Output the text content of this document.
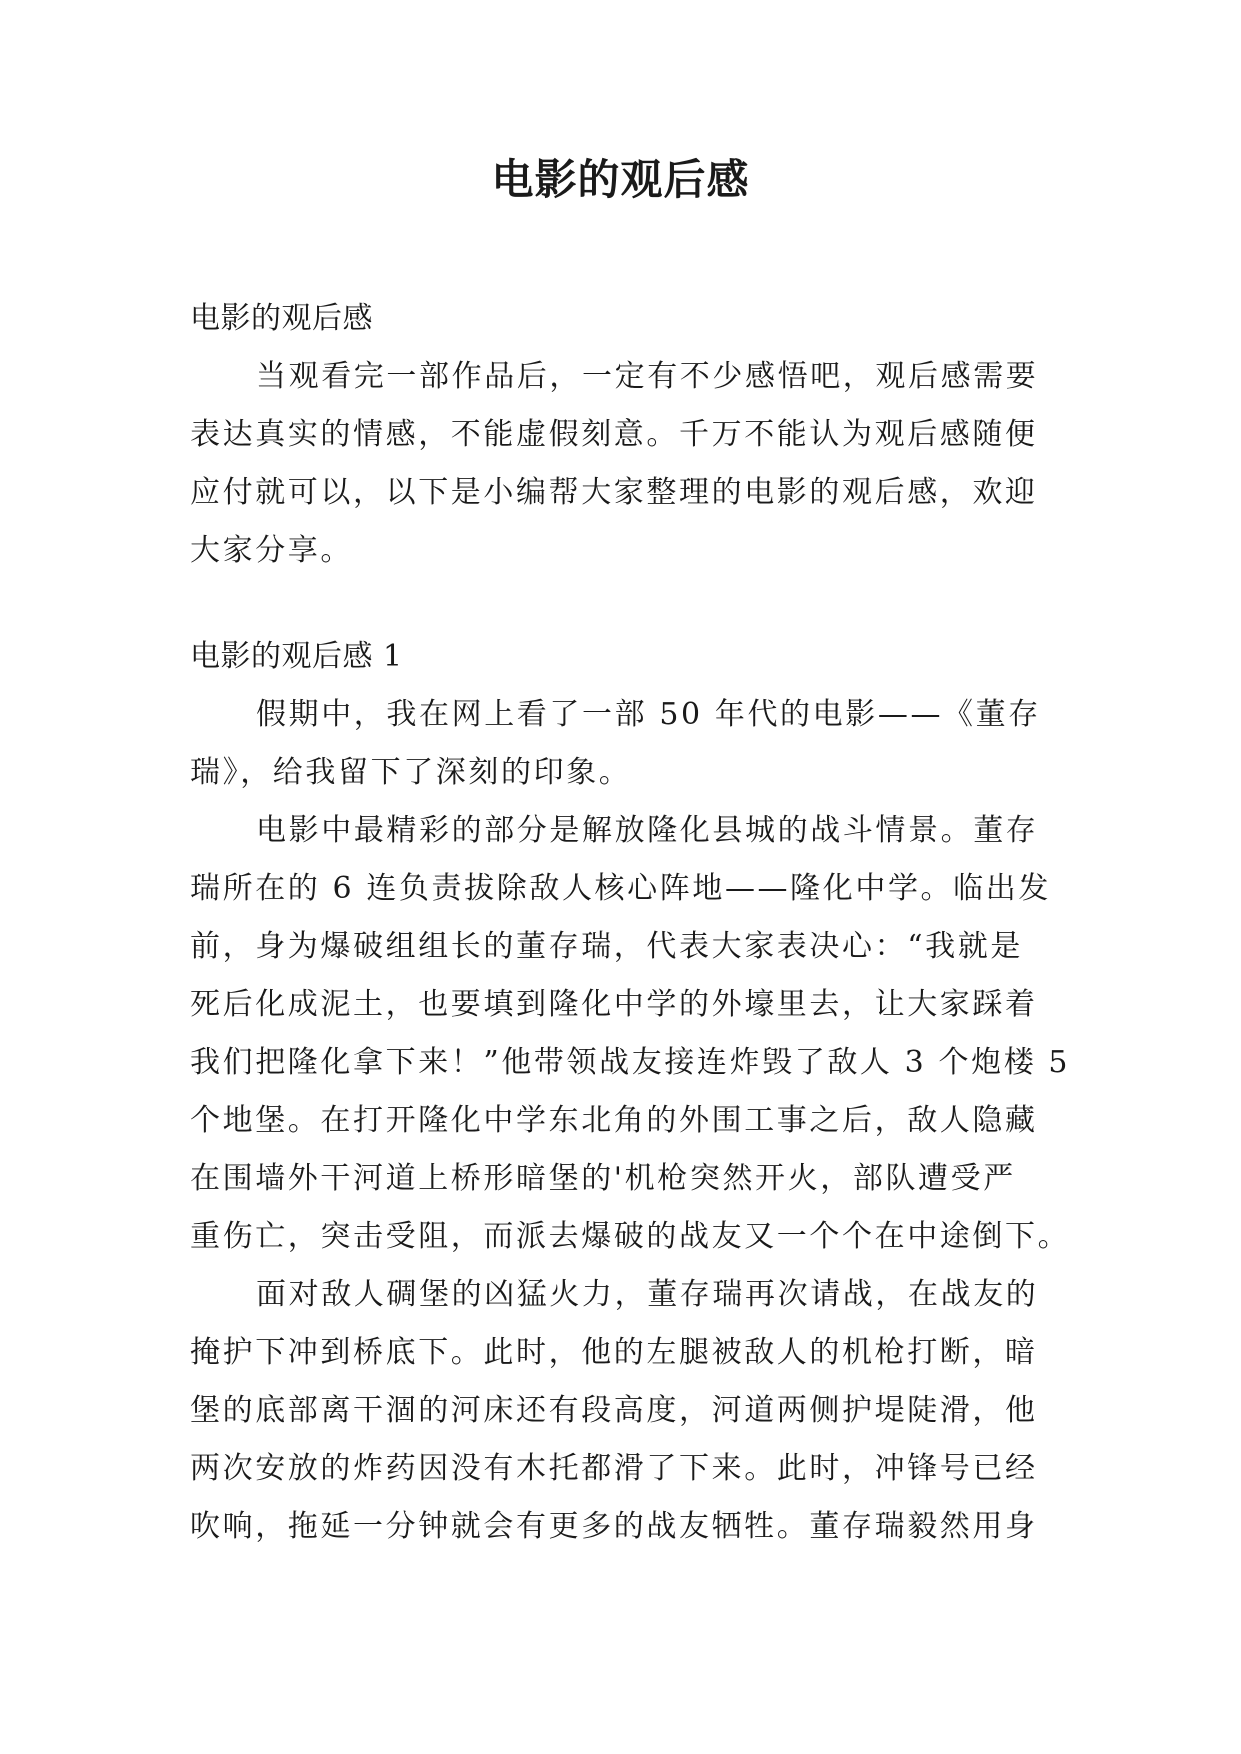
电影的观后感
电影的观后感
当观看完一部作品后，一定有不少感悟吧，观后感需要
表达真实的情感，不能虚假刻意。千万不能认为观后感随便
应付就可以，以下是小编帮大家整理的电影的观后感，欢迎
大家分享。
电影的观后感 1
假期中，我在网上看了一部 50 年代的电影——《董存
瑞》，给我留下了深刻的印象。
电影中最精彩的部分是解放隆化县城的战斗情景。董存
瑞所在的 6 连负责拔除敌人核心阵地——隆化中学。临出发
前，身为爆破组组长的董存瑞，代表大家表决心：“我就是
死后化成泥土，也要填到隆化中学的外壕里去，让大家踩着
我们把隆化拿下来！”他带领战友接连炸毁了敌人 3 个炮楼 5
个地堡。在打开隆化中学东北角的外围工事之后，敌人隐藏
在围墙外干河道上桥形暗堡的'机枪突然开火，部队遭受严
重伤亡，突击受阻，而派去爆破的战友又一个个在中途倒下。
面对敌人碉堡的凶猛火力，董存瑞再次请战，在战友的
掩护下冲到桥底下。此时，他的左腿被敌人的机枪打断，暗
堡的底部离干涸的河床还有段高度，河道两侧护堤陡滑，他
两次安放的炸药因没有木托都滑了下来。此时，冲锋号已经
吹响，拖延一分钟就会有更多的战友牺牲。董存瑞毅然用身
